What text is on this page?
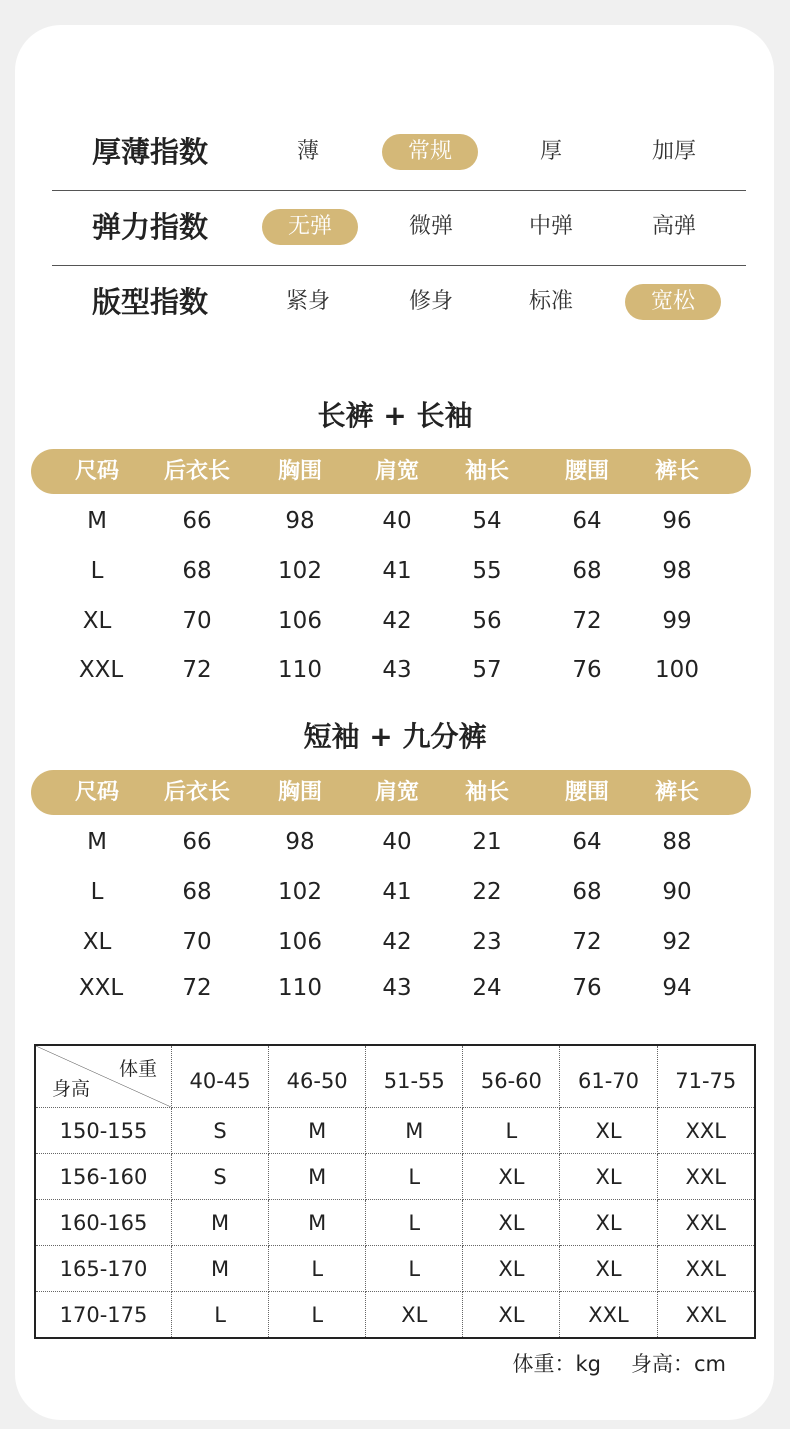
厚薄指数	薄	常规	厚	加厚
弹力指数	无弹	微弹	中弹	高弹
版型指数	紧身	修身	标准	宽松
长裤 + 长袖
尺码	后衣长	胸围	肩宽	袖长	腰围	裤长
M	66	98	40	54	64	96
L	68	102	41	55	68	98
XL	70	106	42	56	72	99
XXL	72	110	43	57	76	100
短袖 + 九分裤
尺码	后衣长	胸围	肩宽	袖长	腰围	裤长
M	66	98	40	21	64	88
L	68	102	41	22	68	90
XL	70	106	42	23	72	92
XXL	72	110	43	24	76	94
体重
身高	40-45	46-50	51-55	56-60	61-70	71-75
150-155	S	M	M	L	XL	XXL
156-160	S	M	L	XL	XL	XXL
160-165	M	M	L	XL	XL	XXL
165-170	M	L	L	XL	XL	XXL
170-175	L	L	XL	XL	XXL	XXL
体重：kg 身高：cm
